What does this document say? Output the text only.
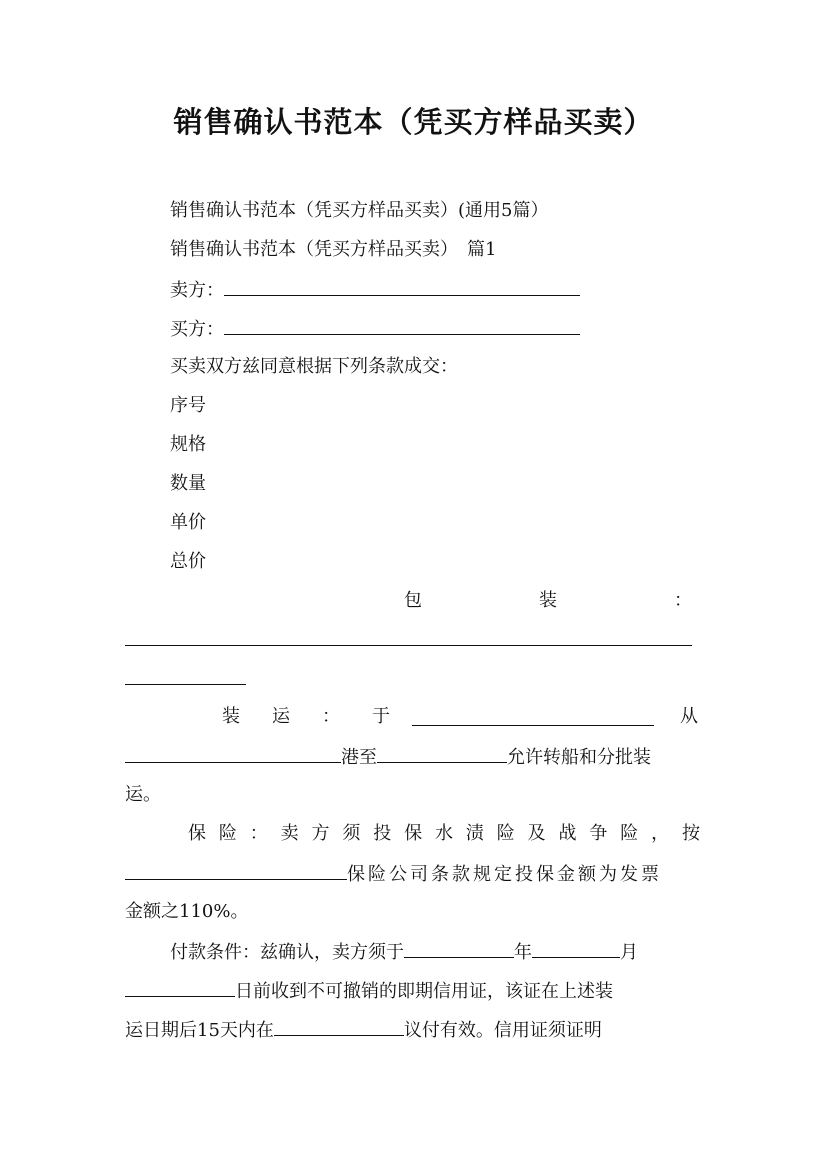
销售确认书范本（凭买方样品买卖）
销售确认书范本（凭买方样品买卖）(通用5篇）
销售确认书范本（凭买方样品买卖）　篇1
卖方：
买方：
买卖双方兹同意根据下列条款成交：
序号
规格
数量
单价
总价
包	装	：
装 运 ： 于	从
港至	允许转船和分批装
运。
保 险 ： 卖 方 须 投 保 水 渍 险 及 战 争 险 ， 按
保险公司条款规定投保金额为发票
金额之110%。
付款条件：兹确认，卖方须于	年	月
日前收到不可撤销的即期信用证，该证在上述装
运日期后15天内在	议付有效。信用证须证明
